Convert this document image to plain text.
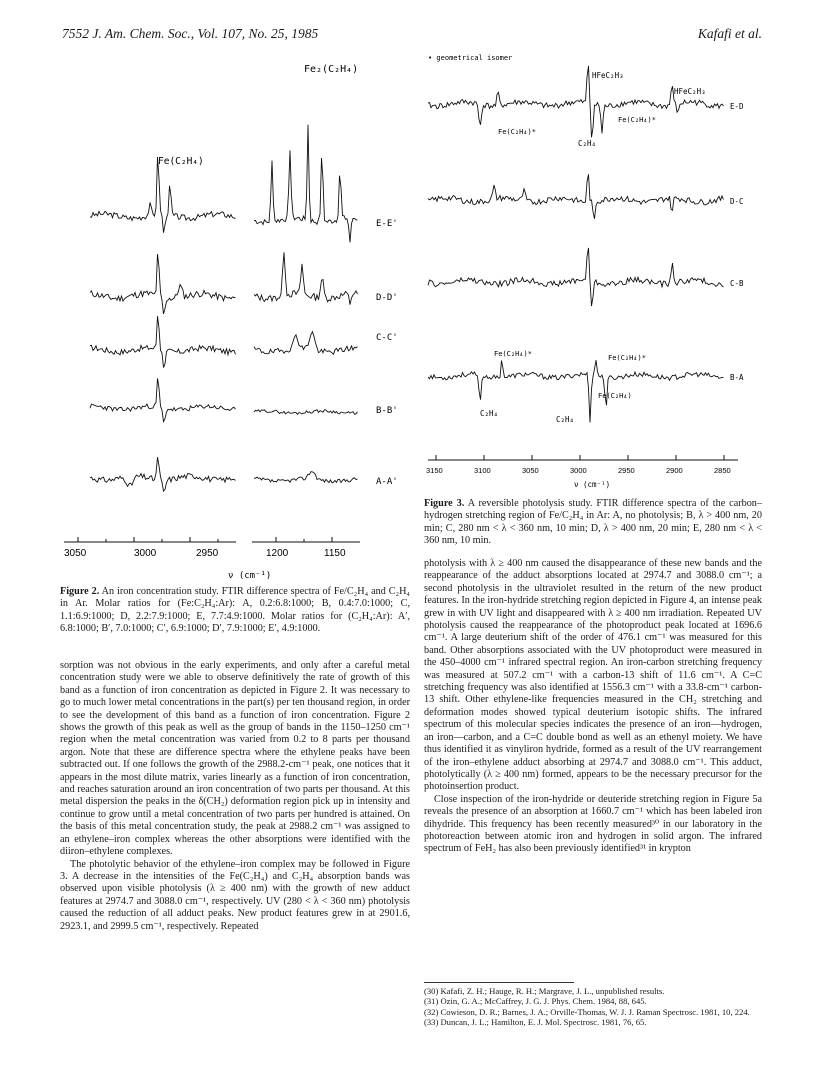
7552 J. Am. Chem. Soc., Vol. 107, No. 25, 1985	Kafafi et al.
Fe₂(C₂H₄)
Fe(C₂H₄)
E-E'
D-D'
C-C'
B-B'
A-A'
3050	3000	2950	1200	1150
ν (cm⁻¹)
Figure 2. An iron concentration study. FTIR difference spectra of Fe/C₂H₄ and C₂H₄ in Ar. Molar ratios for (Fe:C₂H₄:Ar): A, 0.2:6.8:1000; B, 0.4:7.0:1000; C, 1.1:6.9:1000; D, 2.2:7.9:1000; E, 7.7:4.9:1000. Molar ratios for (C₂H₄:Ar): A′, 6.8:1000; B′, 7.0:1000; C′, 6.9:1000; D′, 7.9:1000; E′, 4.9:1000.
• geometrical isomer
HFeC₂H₃
HFeC₂H₃
Fe(C₂H₄)*
Fe(C₂H₄)*
C₂H₄
E-D
D-C
C-B
B-A
Fe(C₂H₄)*	Fe(C₂H₄)*
Fe(C₂H₄)
C₂H₄
C₂H₄
3150	3100	3050	3000	2950	2900	2850
ν (cm⁻¹)
Figure 3. A reversible photolysis study. FTIR difference spectra of the carbon–hydrogen stretching region of Fe/C₂H₄ in Ar: A, no photolysis; B, λ > 400 nm, 20 min; C, 280 nm < λ < 360 nm, 10 min; D, λ > 400 nm, 20 min; E, 280 nm < λ < 360 nm, 10 min.

sorption was not obvious in the early experiments, and only after a careful metal concentration study were we able to observe definitively the rate of growth of this band as a function of iron concentration as depicted in Figure 2. It was necessary to go to much lower metal concentrations in the part(s) per ten thousand region, in order to see the development of this band as a function of iron concentration. Figure 2 shows the growth of this peak as well as the group of bands in the 1150–1250 cm⁻¹ region when the metal concentration was varied from 0.2 to 8 parts per thousand argon. Note that these are difference spectra where the ethylene peaks have been subtracted out. If one follows the growth of the 2988.2-cm⁻¹ peak, one notices that it appears in the most dilute matrix, varies linearly as a function of iron concentration, and reaches saturation around an iron concentration of two parts per thousand. At this metal dispersion the peaks in the δ(CH₂) deformation region pick up in intensity and continue to grow until a metal concentration of two parts per hundred is attained. On the basis of this metal concentration study, the peak at 2988.2 cm⁻¹ was assigned to an ethylene–iron complex whereas the other absorptions were identified with the diiron–ethylene complexes.

The photolytic behavior of the ethylene–iron complex may be followed in Figure 3. A decrease in the intensities of the Fe(C₂H₄) and C₂H₄ absorption bands was observed upon visible photolysis (λ ≥ 400 nm) with the growth of new adduct features at 2974.7 and 3088.0 cm⁻¹, respectively. UV (280 < λ < 360 nm) photolysis caused the reduction of all adduct peaks. New product features grew in at 2901.6, 2923.1, and 2999.5 cm⁻¹, respectively. Repeated

photolysis with λ ≥ 400 nm caused the disappearance of these new bands and the reappearance of the adduct absorptions located at 2974.7 and 3088.0 cm⁻¹; a second photolysis in the ultraviolet resulted in the return of the new product features. In the iron-hydride stretching region depicted in Figure 4, an intense peak grew in with UV light and disappeared with λ ≥ 400 nm irradiation. Repeated UV photolysis caused the reappearance of the photoproduct peak located at 1696.6 cm⁻¹. A large deuterium shift of the order of 476.1 cm⁻¹ was measured for this band. Other absorptions associated with the UV photoproduct were measured in the 450–4000 cm⁻¹ infrared spectral region. An iron-carbon stretching frequency was measured at 507.2 cm⁻¹ with a carbon-13 shift of 11.6 cm⁻¹. A C=C stretching frequency was also identified at 1556.3 cm⁻¹ with a 33.8-cm⁻¹ carbon-13 shift. Other ethylene-like frequencies measured in the CH₂ stretching and deformation modes showed typical deuterium isotopic shifts. The infrared spectrum of this molecular species indicates the presence of an iron—hydrogen, an iron—carbon, and a C=C double bond as well as an ethenyl moiety. We have thus identified it as vinyliron hydride, formed as a result of the UV rearrangement of the iron–ethylene adduct absorbing at 2974.7 and 3088.0 cm⁻¹. This adduct, photolytically (λ ≥ 400 nm) formed, appears to be the necessary precursor for the photoinsertion product.

Close inspection of the iron-hydride or deuteride stretching region in Figure 5a reveals the presence of an absorption at 1660.7 cm⁻¹ which has been labeled iron dihydride. This frequency has been recently measured³⁰ in our laboratory in the photoreaction between atomic iron and hydrogen in solid argon. The infrared spectrum of FeH₂ has also been previously identified³¹ in krypton

(30) Kafafi, Z. H.; Hauge, R. H.; Margrave, J. L., unpublished results.
(31) Ozin, G. A.; McCaffrey, J. G. J. Phys. Chem. 1984, 88, 645.
(32) Cowieson, D. R.; Barnes, J. A.; Orville-Thomas, W. J. J. Raman Spectrosc. 1981, 10, 224.
(33) Duncan, J. L.; Hamilton, E. J. Mol. Spectrosc. 1981, 76, 65.
